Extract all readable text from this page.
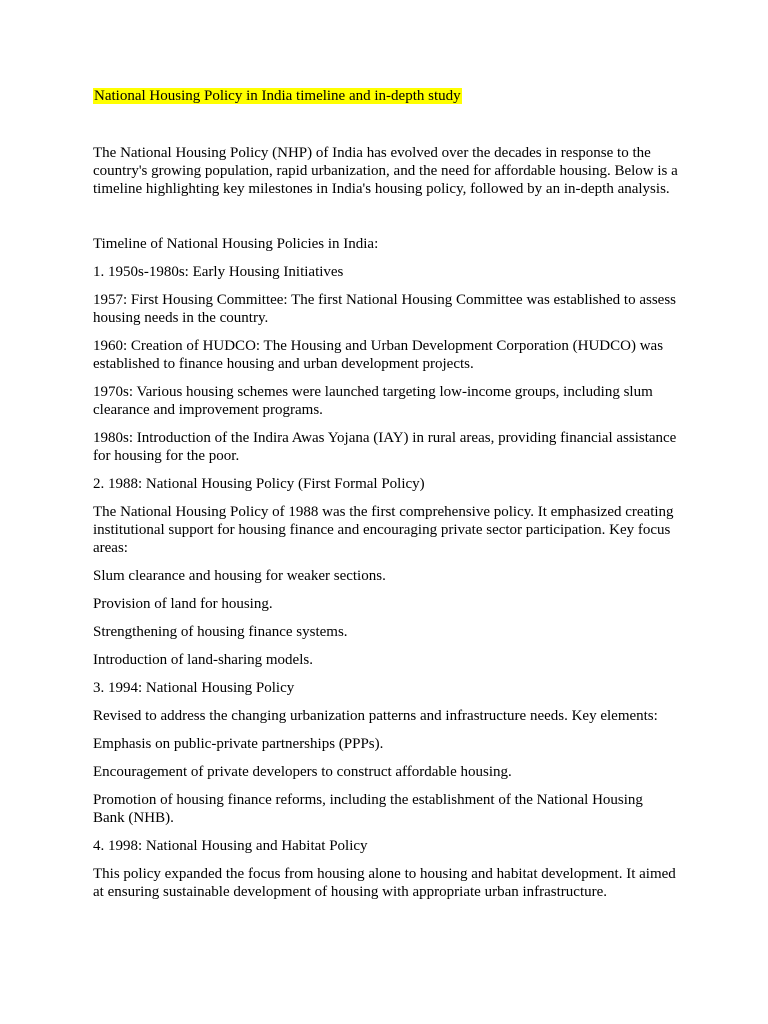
National Housing Policy in India timeline and in-depth study

The National Housing Policy (NHP) of India has evolved over the decades in response to the country's growing population, rapid urbanization, and the need for affordable housing. Below is a timeline highlighting key milestones in India's housing policy, followed by an in-depth analysis.

Timeline of National Housing Policies in India:

1. 1950s-1980s: Early Housing Initiatives

1957: First Housing Committee: The first National Housing Committee was established to assess housing needs in the country.

1960: Creation of HUDCO: The Housing and Urban Development Corporation (HUDCO) was established to finance housing and urban development projects.

1970s: Various housing schemes were launched targeting low-income groups, including slum clearance and improvement programs.

1980s: Introduction of the Indira Awas Yojana (IAY) in rural areas, providing financial assistance for housing for the poor.

2. 1988: National Housing Policy (First Formal Policy)

The National Housing Policy of 1988 was the first comprehensive policy. It emphasized creating institutional support for housing finance and encouraging private sector participation. Key focus areas:

Slum clearance and housing for weaker sections.

Provision of land for housing.

Strengthening of housing finance systems.

Introduction of land-sharing models.

3. 1994: National Housing Policy

Revised to address the changing urbanization patterns and infrastructure needs. Key elements:

Emphasis on public-private partnerships (PPPs).

Encouragement of private developers to construct affordable housing.

Promotion of housing finance reforms, including the establishment of the National Housing Bank (NHB).

4. 1998: National Housing and Habitat Policy

This policy expanded the focus from housing alone to housing and habitat development. It aimed at ensuring sustainable development of housing with appropriate urban infrastructure.
